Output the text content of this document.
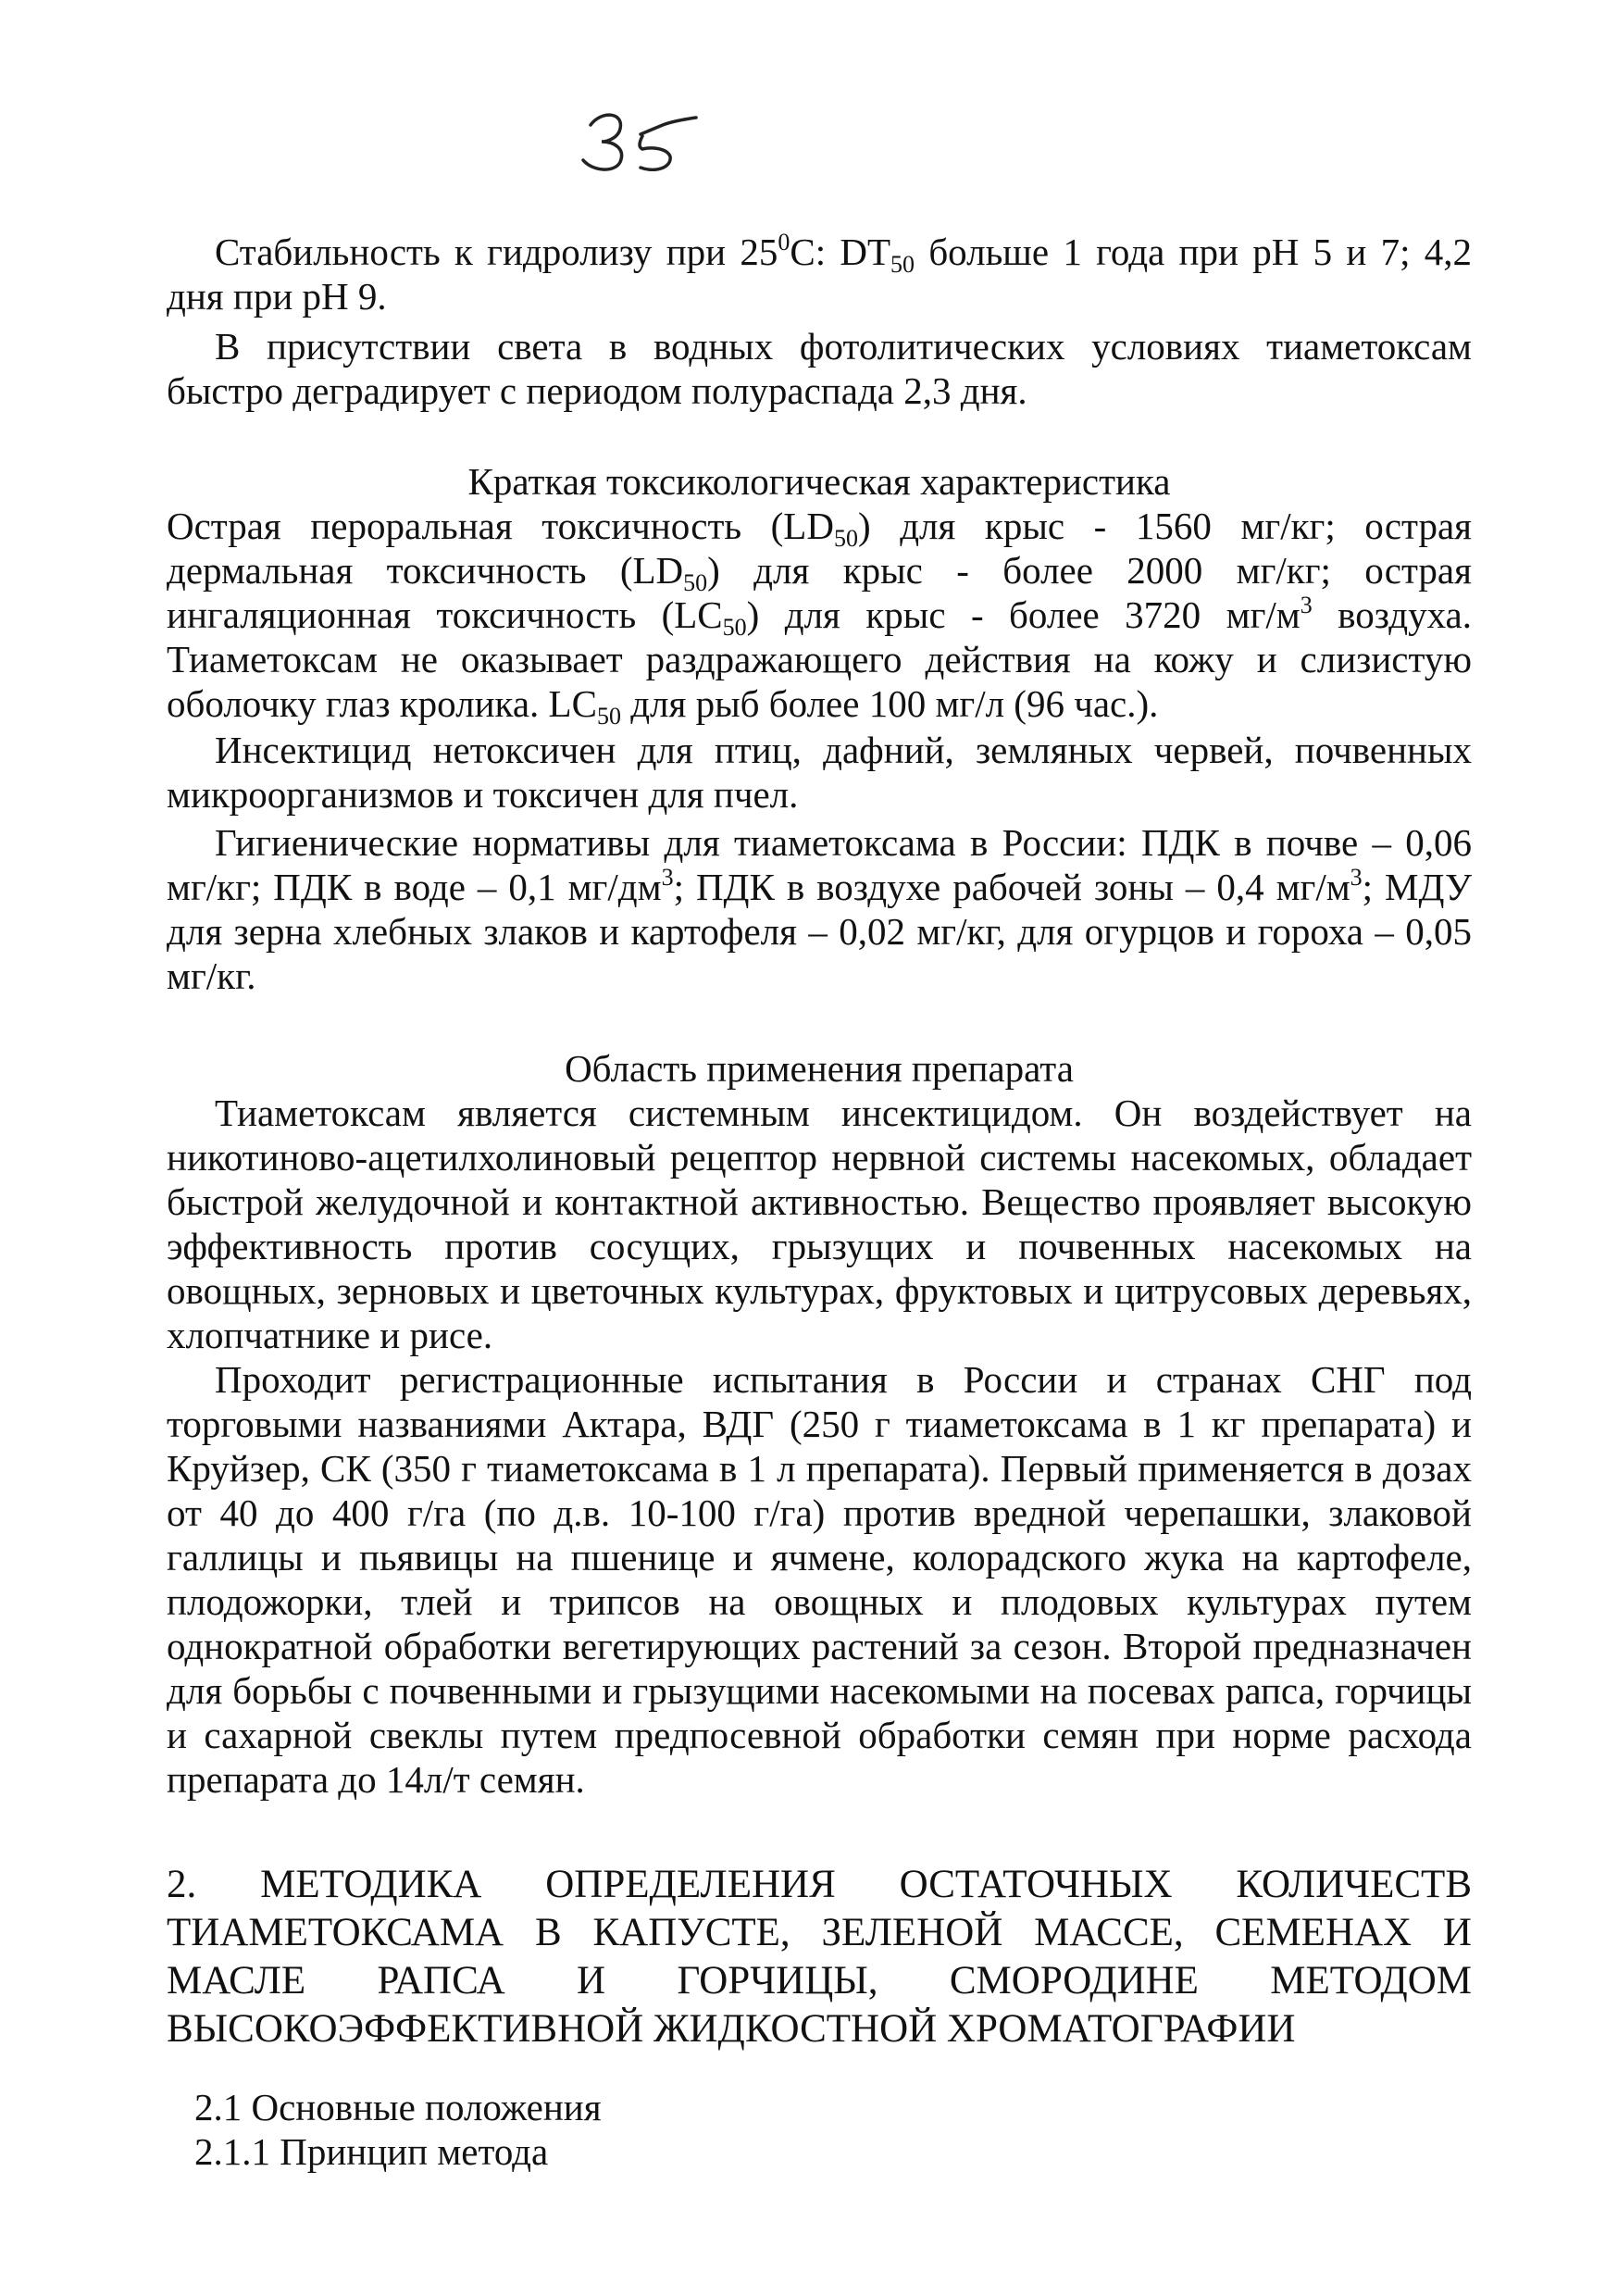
Стабильность к гидролизу при $25^0С$: $DT_{50}$ больше 1 года при pH 5 и 7; 4,2 дня при pH 9.

В присутствии света в водных фотолитических условиях тиаметоксам быстро деградирует с периодом полураспада 2,3 дня.

Краткая токсикологическая характеристика

Острая пероральная токсичность $(LD_{50})$ для крыс - 1560 мг/кг; острая дермальная токсичность $(LD_{50})$ для крыс - более 2000 мг/кг; острая ингаляционная токсичность $(LC_{50})$ для крыс - более 3720 $мг/м^3$ воздуха. Тиаметоксам не оказывает раздражающего действия на кожу и слизистую оболочку глаз кролика. $LC_{50}$ для рыб более 100 мг/л (96 час.).

Инсектицид нетоксичен для птиц, дафний, земляных червей, почвенных микроорганизмов и токсичен для пчел.

Гигиенические нормативы для тиаметоксама в России: ПДК в почве – 0,06 мг/кг; ПДК в воде – 0,1 $мг/дм^3$; ПДК в воздухе рабочей зоны – 0,4 $мг/м^3$; МДУ для зерна хлебных злаков и картофеля – 0,02 мг/кг, для огурцов и гороха – 0,05 мг/кг.

Область применения препарата

Тиаметоксам является системным инсектицидом. Он воздействует на никотиново-ацетилхолиновый рецептор нервной системы насекомых, обладает быстрой желудочной и контактной активностью. Вещество проявляет высокую эффективность против сосущих, грызущих и почвенных насекомых на овощных, зерновых и цветочных культурах, фруктовых и цитрусовых деревьях, хлопчатнике и рисе.

Проходит регистрационные испытания в России и странах СНГ под торговыми названиями Актара, ВДГ (250 г тиаметоксама в 1 кг препарата) и Круйзер, СК (350 г тиаметоксама в 1 л препарата). Первый применяется в дозах от 40 до 400 г/га (по д.в. 10-100 г/га) против вредной черепашки, злаковой галлицы и пьявицы на пшенице и ячмене, колорадского жука на картофеле, плодожорки, тлей и трипсов на овощных и плодовых культурах путем однократной обработки вегетирующих растений за сезон. Второй предназначен для борьбы с почвенными и грызущими насекомыми на посевах рапса, горчицы и сахарной свеклы путем предпосевной обработки семян при норме расхода препарата до 14л/т семян.

2. МЕТОДИКА ОПРЕДЕЛЕНИЯ ОСТАТОЧНЫХ КОЛИЧЕСТВ ТИАМЕТОКСАМА В КАПУСТЕ, ЗЕЛЕНОЙ МАССЕ, СЕМЕНАХ И МАСЛЕ РАПСА И ГОРЧИЦЫ, СМОРОДИНЕ МЕТОДОМ ВЫСОКОЭФФЕКТИВНОЙ ЖИДКОСТНОЙ ХРОМАТОГРАФИИ

2.1 Основные положения

2.1.1 Принцип метода
